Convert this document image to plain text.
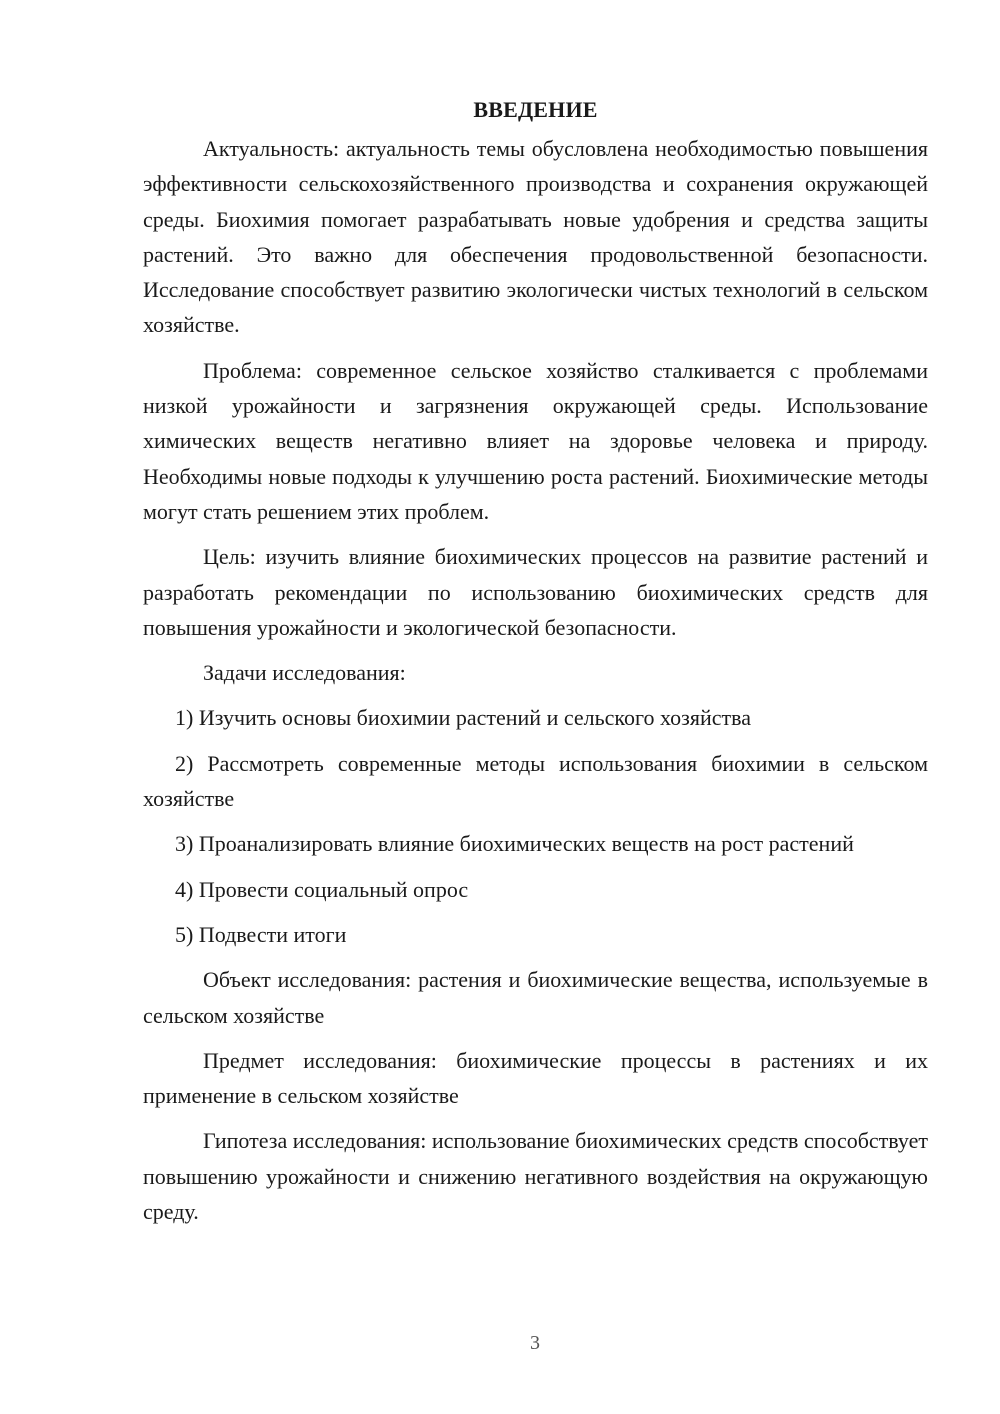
ВВЕДЕНИЕ

Актуальность: актуальность темы обусловлена необходимостью повышения эффективности сельскохозяйственного производства и сохранения окружающей среды. Биохимия помогает разрабатывать новые удобрения и средства защиты растений. Это важно для обеспечения продовольственной безопасности. Исследование способствует развитию экологически чистых технологий в сельском хозяйстве.

Проблема: современное сельское хозяйство сталкивается с проблемами низкой урожайности и загрязнения окружающей среды. Использование химических веществ негативно влияет на здоровье человека и природу. Необходимы новые подходы к улучшению роста растений. Биохимические методы могут стать решением этих проблем.

Цель: изучить влияние биохимических процессов на развитие растений и разработать рекомендации по использованию биохимических средств для повышения урожайности и экологической безопасности.

Задачи исследования:

1) Изучить основы биохимии растений и сельского хозяйства

2) Рассмотреть современные методы использования биохимии в сельском хозяйстве

3) Проанализировать влияние биохимических веществ на рост растений

4) Провести социальный опрос

5) Подвести итоги

Объект исследования: растения и биохимические вещества, используемые в сельском хозяйстве

Предмет исследования: биохимические процессы в растениях и их применение в сельском хозяйстве

Гипотеза исследования: использование биохимических средств способствует повышению урожайности и снижению негативного воздействия на окружающую среду.

3
